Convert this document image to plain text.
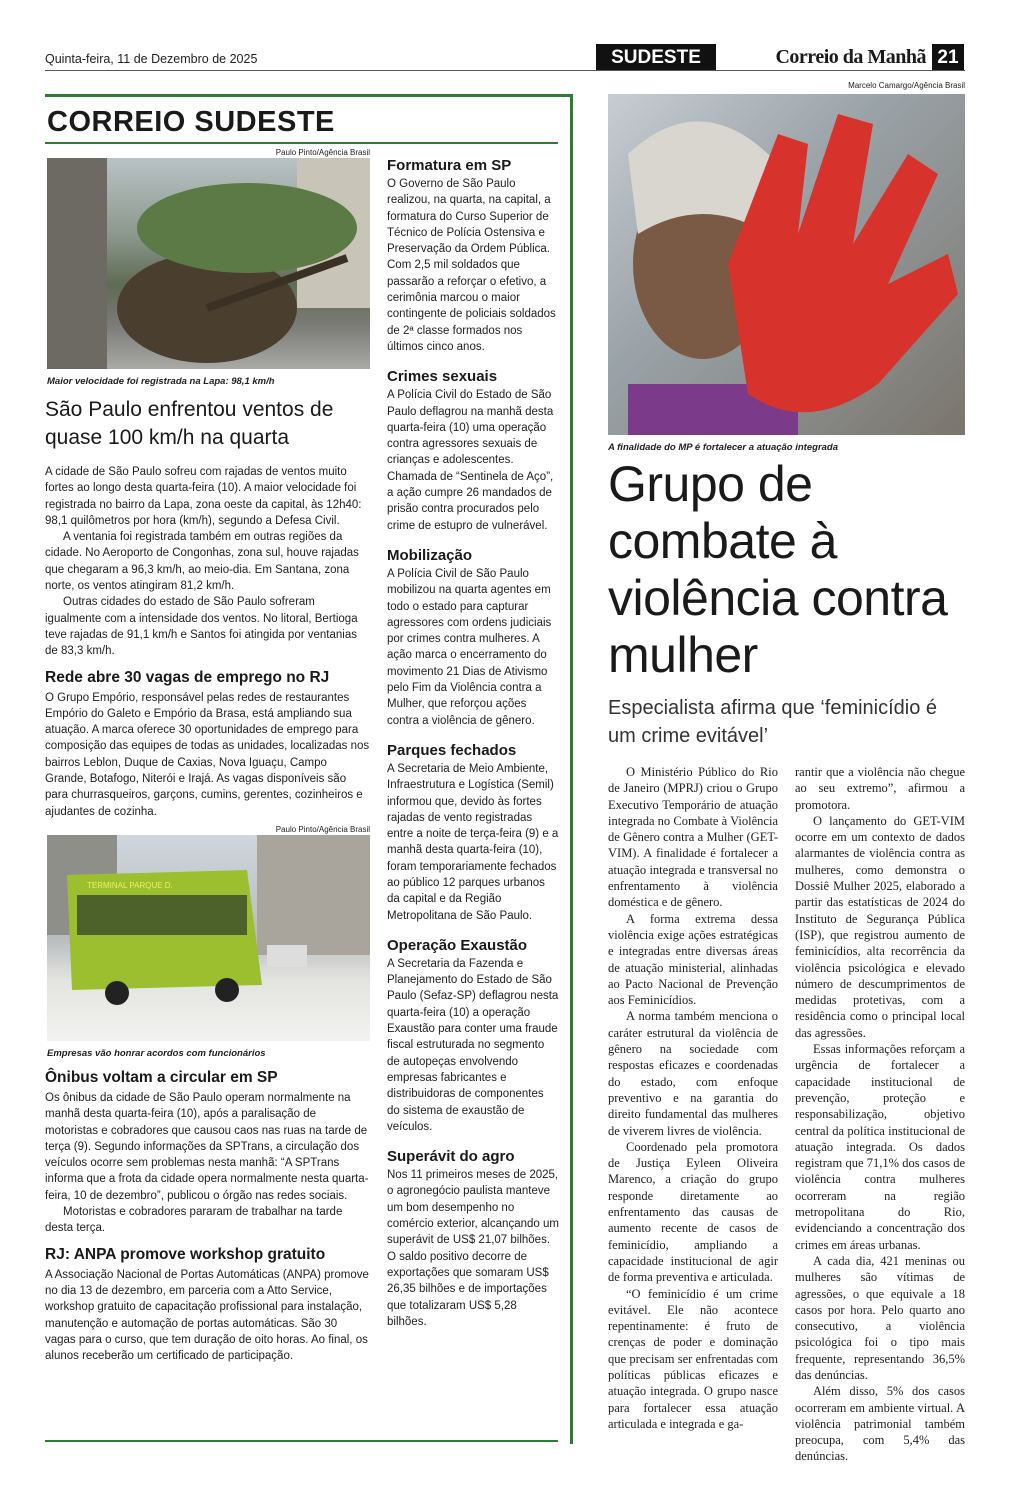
Quinta-feira, 11 de Dezembro de 2025	SUDESTE	Correio da Manhã 21
CORREIO SUDESTE
Paulo Pinto/Agência Brasil
Maior velocidade foi registrada na Lapa: 98,1 km/h
São Paulo enfrentou ventos de quase 100 km/h na quarta

A cidade de São Paulo sofreu com rajadas de ventos muito fortes ao longo desta quarta-feira (10). A maior velocidade foi registrada no bairro da Lapa, zona oeste da capital, às 12h40: 98,1 quilômetros por hora (km/h), segundo a Defesa Civil.

A ventania foi registrada também em outras regiões da cidade. No Aeroporto de Congonhas, zona sul, houve rajadas que chegaram a 96,3 km/h, ao meio-dia. Em Santana, zona norte, os ventos atingiram 81,2 km/h.

Outras cidades do estado de São Paulo sofreram igualmente com a intensidade dos ventos. No litoral, Bertioga teve rajadas de 91,1 km/h e Santos foi atingida por ventanias de 83,3 km/h.

Rede abre 30 vagas de emprego no RJ
O Grupo Empório, responsável pelas redes de restaurantes Empório do Galeto e Empório da Brasa, está ampliando sua atuação. A marca oferece 30 oportunidades de emprego para composição das equipes de todas as unidades, localizadas nos bairros Leblon, Duque de Caxias, Nova Iguaçu, Campo Grande, Botafogo, Niterói e Irajá. As vagas disponíveis são para churrasqueiros, garçons, cumins, gerentes, cozinheiros e ajudantes de cozinha.
Paulo Pinto/Agência Brasil
TERMINAL PARQUE D.
Empresas vão honrar acordos com funcionários
Ônibus voltam a circular em SP

Os ônibus da cidade de São Paulo operam normalmente na manhã desta quarta-feira (10), após a paralisação de motoristas e cobradores que causou caos nas ruas na tarde de terça (9). Segundo informações da SPTrans, a circulação dos veículos ocorre sem problemas nesta manhã: “A SPTrans informa que a frota da cidade opera normalmente nesta quarta-feira, 10 de dezembro”, publicou o órgão nas redes sociais.

Motoristas e cobradores pararam de trabalhar na tarde desta terça.

RJ: ANPA promove workshop gratuito
A Associação Nacional de Portas Automáticas (ANPA) promove no dia 13 de dezembro, em parceria com a Atto Service, workshop gratuito de capacitação profissional para instalação, manutenção e automação de portas automáticas. São 30 vagas para o curso, que tem duração de oito horas. Ao final, os alunos receberão um certificado de participação.
Formatura em SP
O Governo de São Paulo realizou, na quarta, na capital, a formatura do Curso Superior de Técnico de Polícia Ostensiva e Preservação da Ordem Pública. Com 2,5 mil soldados que passarão a reforçar o efetivo, a cerimônia marcou o maior contingente de policiais soldados de 2ª classe formados nos últimos cinco anos.
Crimes sexuais
A Polícia Civil do Estado de São Paulo deflagrou na manhã desta quarta-feira (10) uma operação contra agressores sexuais de crianças e adolescentes. Chamada de “Sentinela de Aço”, a ação cumpre 26 mandados de prisão contra procurados pelo crime de estupro de vulnerável.
Mobilização
A Polícia Civil de São Paulo mobilizou na quarta agentes em todo o estado para capturar agressores com ordens judiciais por crimes contra mulheres. A ação marca o encerramento do movimento 21 Dias de Ativismo pelo Fim da Violência contra a Mulher, que reforçou ações contra a violência de gênero.
Parques fechados
A Secretaria de Meio Ambiente, Infraestrutura e Logística (Semil) informou que, devido às fortes rajadas de vento registradas entre a noite de terça-feira (9) e a manhã desta quarta-feira (10), foram temporariamente fechados ao público 12 parques urbanos da capital e da Região Metropolitana de São Paulo.
Operação Exaustão
A Secretaria da Fazenda e Planejamento do Estado de São Paulo (Sefaz-SP) deflagrou nesta quarta-feira (10) a operação Exaustão para conter uma fraude fiscal estruturada no segmento de autopeças envolvendo empresas fabricantes e distribuidoras de componentes do sistema de exaustão de veículos.
Superávit do agro
Nos 11 primeiros meses de 2025, o agronegócio paulista manteve um bom desempenho no comércio exterior, alcançando um superávit de US$ 21,07 bilhões. O saldo positivo decorre de exportações que somaram US$ 26,35 bilhões e de importações que totalizaram US$ 5,28 bilhões.
Marcelo Camargo/Agência Brasil
A finalidade do MP é fortalecer a atuação integrada
Grupo de combate à violência contra mulher
Especialista afirma que ‘feminicídio é um crime evitável’

O Ministério Público do Rio de Janeiro (MPRJ) criou o Grupo Executivo Temporário de atuação integrada no Combate à Violência de Gênero contra a Mulher (GET-VIM). A finalidade é fortalecer a atuação integrada e transversal no enfrentamento à violência doméstica e de gênero.

A forma extrema dessa violência exige ações estratégicas e integradas entre diversas áreas de atuação ministerial, alinhadas ao Pacto Nacional de Prevenção aos Feminicídios.

A norma também menciona o caráter estrutural da violência de gênero na sociedade com respostas eficazes e coordenadas do estado, com enfoque preventivo e na garantia do direito fundamental das mulheres de viverem livres de violência.

Coordenado pela promotora de Justiça Eyleen Oliveira Marenco, a criação do grupo responde diretamente ao enfrentamento das causas de aumento recente de casos de feminicídio, ampliando a capacidade institucional de agir de forma preventiva e articulada.

“O feminicídio é um crime evitável. Ele não acontece repentinamente: é fruto de crenças de poder e dominação que precisam ser enfrentadas com políticas públicas eficazes e atuação integrada. O grupo nasce para fortalecer essa atuação articulada e integrada e ga-

rantir que a violência não chegue ao seu extremo”, afirmou a promotora.

O lançamento do GET-VIM ocorre em um contexto de dados alarmantes de violência contra as mulheres, como demonstra o Dossiê Mulher 2025, elaborado a partir das estatísticas de 2024 do Instituto de Segurança Pública (ISP), que registrou aumento de feminicídios, alta recorrência da violência psicológica e elevado número de descumprimentos de medidas protetivas, com a residência como o principal local das agressões.

Essas informações reforçam a urgência de fortalecer a capacidade institucional de prevenção, proteção e responsabilização, objetivo central da política institucional de atuação integrada. Os dados registram que 71,1% dos casos de violência contra mulheres ocorreram na região metropolitana do Rio, evidenciando a concentração dos crimes em áreas urbanas.

A cada dia, 421 meninas ou mulheres são vítimas de agressões, o que equivale a 18 casos por hora. Pelo quarto ano consecutivo, a violência psicológica foi o tipo mais frequente, representando 36,5% das denúncias.

Além disso, 5% dos casos ocorreram em ambiente virtual. A violência patrimonial também preocupa, com 5,4% das denúncias.
